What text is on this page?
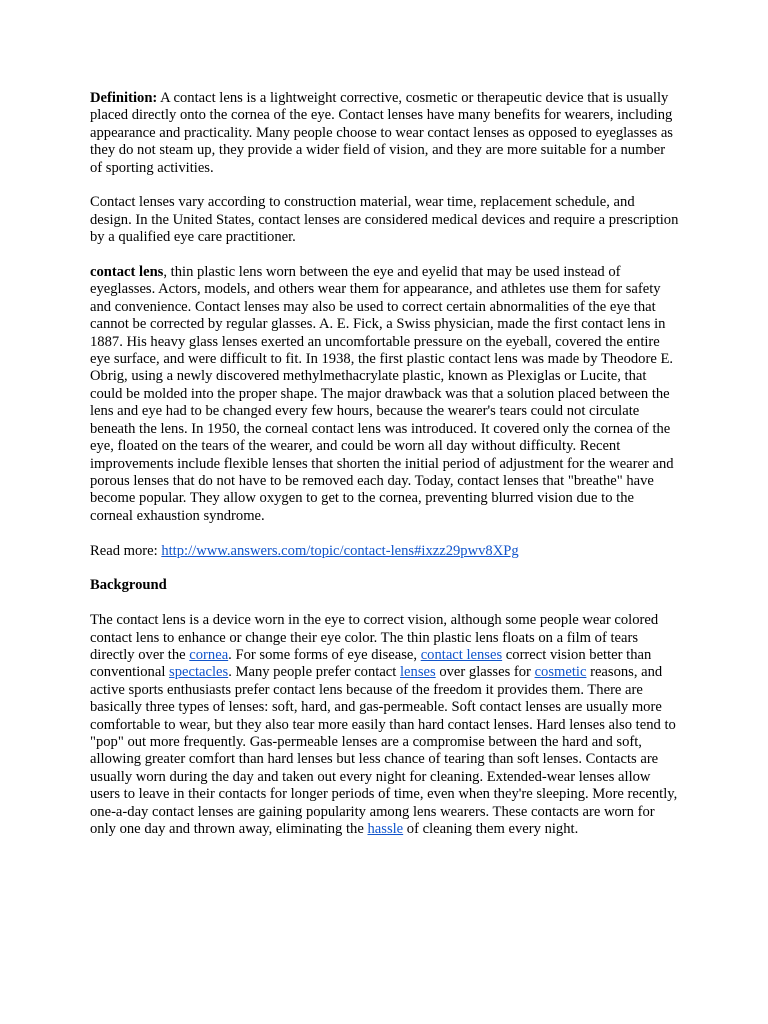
Definition: A contact lens is a lightweight corrective, cosmetic or therapeutic device that is usually placed directly onto the cornea of the eye. Contact lenses have many benefits for wearers, including appearance and practicality. Many people choose to wear contact lenses as opposed to eyeglasses as they do not steam up, they provide a wider field of vision, and they are more suitable for a number of sporting activities.

Contact lenses vary according to construction material, wear time, replacement schedule, and design. In the United States, contact lenses are considered medical devices and require a prescription by a qualified eye care practitioner.

contact lens, thin plastic lens worn between the eye and eyelid that may be used instead of eyeglasses. Actors, models, and others wear them for appearance, and athletes use them for safety and convenience. Contact lenses may also be used to correct certain abnormalities of the eye that cannot be corrected by regular glasses. A. E. Fick, a Swiss physician, made the first contact lens in 1887. His heavy glass lenses exerted an uncomfortable pressure on the eyeball, covered the entire eye surface, and were difficult to fit. In 1938, the first plastic contact lens was made by Theodore E. Obrig, using a newly discovered methylmethacrylate plastic, known as Plexiglas or Lucite, that could be molded into the proper shape. The major drawback was that a solution placed between the lens and eye had to be changed every few hours, because the wearer's tears could not circulate beneath the lens. In 1950, the corneal contact lens was introduced. It covered only the cornea of the eye, floated on the tears of the wearer, and could be worn all day without difficulty. Recent improvements include flexible lenses that shorten the initial period of adjustment for the wearer and porous lenses that do not have to be removed each day. Today, contact lenses that "breathe" have become popular. They allow oxygen to get to the cornea, preventing blurred vision due to the corneal exhaustion syndrome.

Read more: http://www.answers.com/topic/contact-lens#ixzz29pwv8XPg

Background

The contact lens is a device worn in the eye to correct vision, although some people wear colored contact lens to enhance or change their eye color. The thin plastic lens floats on a film of tears directly over the cornea. For some forms of eye disease, contact lenses correct vision better than conventional spectacles. Many people prefer contact lenses over glasses for cosmetic reasons, and active sports enthusiasts prefer contact lens because of the freedom it provides them. There are basically three types of lenses: soft, hard, and gas-permeable. Soft contact lenses are usually more comfortable to wear, but they also tear more easily than hard contact lenses. Hard lenses also tend to "pop" out more frequently. Gas-permeable lenses are a compromise between the hard and soft, allowing greater comfort than hard lenses but less chance of tearing than soft lenses. Contacts are usually worn during the day and taken out every night for cleaning. Extended-wear lenses allow users to leave in their contacts for longer periods of time, even when they're sleeping. More recently, one-a-day contact lenses are gaining popularity among lens wearers. These contacts are worn for only one day and thrown away, eliminating the hassle of cleaning them every night.
